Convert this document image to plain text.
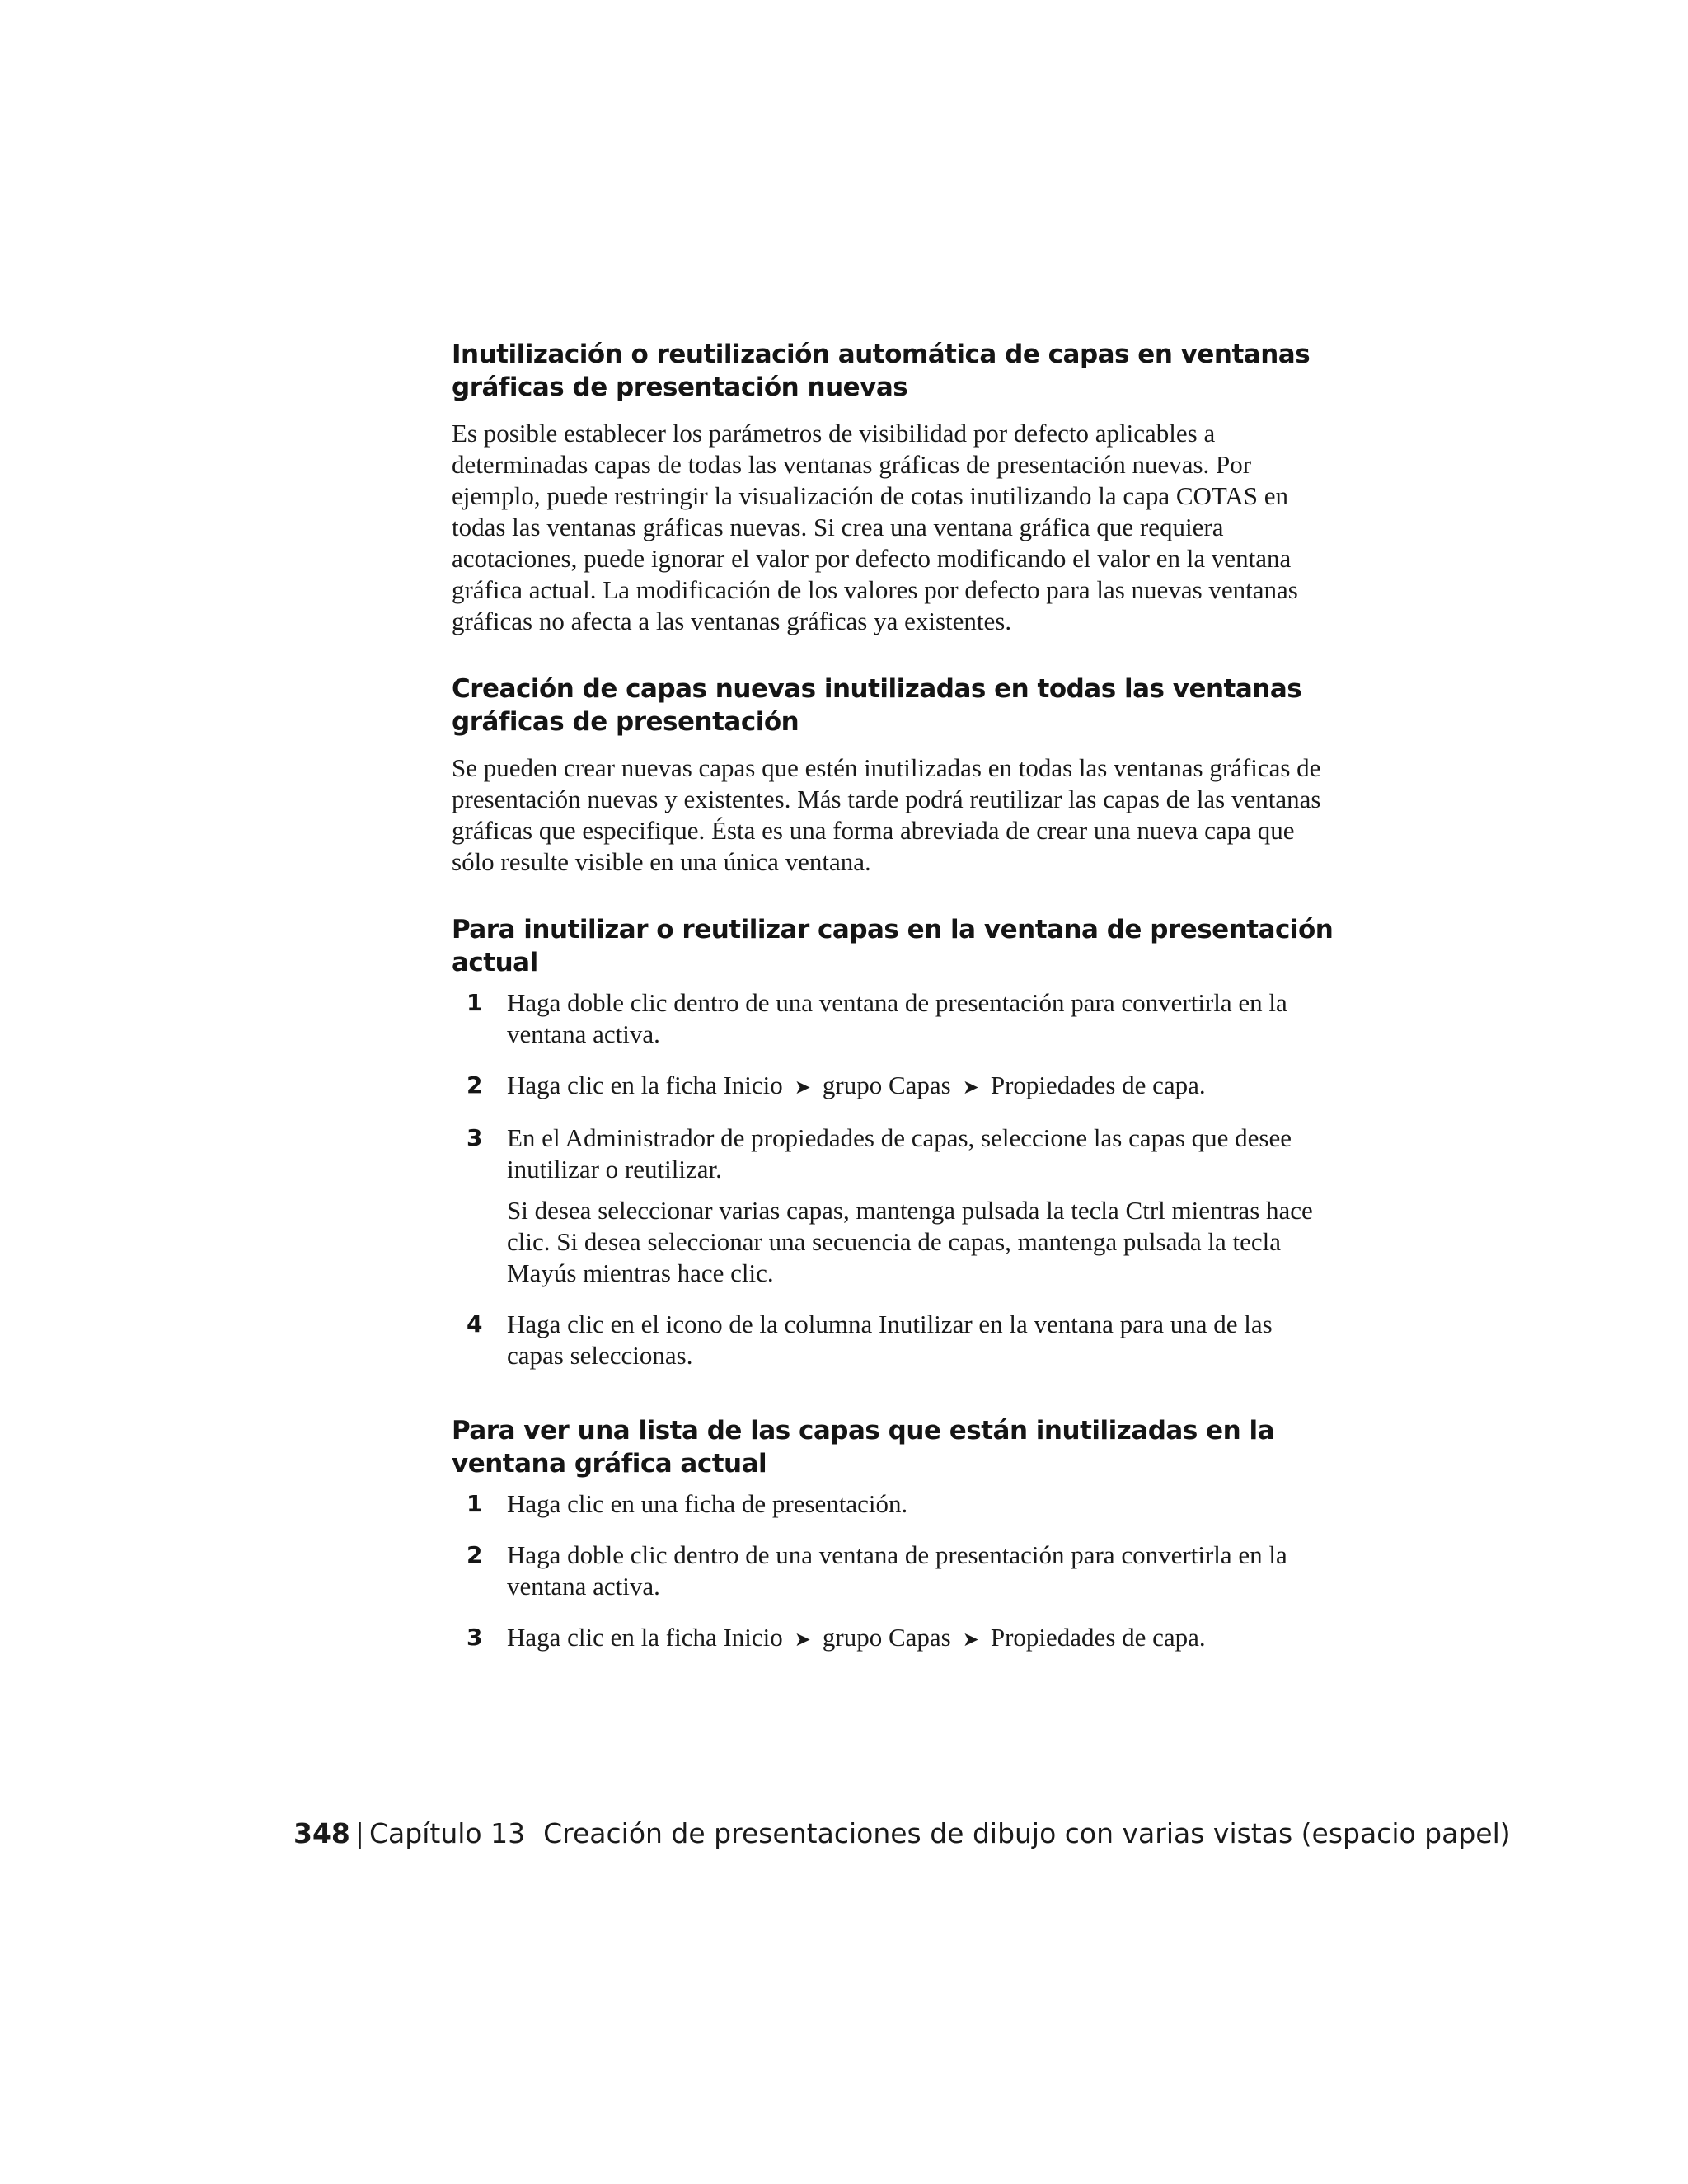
Inutilización o reutilización automática de capas en ventanas gráficas de presentación nuevas

Es posible establecer los parámetros de visibilidad por defecto aplicables a determinadas capas de todas las ventanas gráficas de presentación nuevas. Por ejemplo, puede restringir la visualización de cotas inutilizando la capa COTAS en todas las ventanas gráficas nuevas. Si crea una ventana gráfica que requiera acotaciones, puede ignorar el valor por defecto modificando el valor en la ventana gráfica actual. La modificación de los valores por defecto para las nuevas ventanas gráficas no afecta a las ventanas gráficas ya existentes.

Creación de capas nuevas inutilizadas en todas las ventanas gráficas de presentación

Se pueden crear nuevas capas que estén inutilizadas en todas las ventanas gráficas de presentación nuevas y existentes. Más tarde podrá reutilizar las capas de las ventanas gráficas que especifique. Ésta es una forma abreviada de crear una nueva capa que sólo resulte visible en una única ventana.

Para inutilizar o reutilizar capas en la ventana de presentación actual
1 Haga doble clic dentro de una ventana de presentación para convertirla en la ventana activa.

2 Haga clic en la ficha Inicio ➤ grupo Capas ➤ Propiedades de capa.

3 En el Administrador de propiedades de capas, seleccione las capas que desee inutilizar o reutilizar.

Si desea seleccionar varias capas, mantenga pulsada la tecla Ctrl mientras hace clic. Si desea seleccionar una secuencia de capas, mantenga pulsada la tecla Mayús mientras hace clic.

4 Haga clic en el icono de la columna Inutilizar en la ventana para una de las capas seleccionas.

Para ver una lista de las capas que están inutilizadas en la ventana gráfica actual
1 Haga clic en una ficha de presentación.

2 Haga doble clic dentro de una ventana de presentación para convertirla en la ventana activa.

3 Haga clic en la ficha Inicio ➤ grupo Capas ➤ Propiedades de capa.

348 | Capítulo 13 Creación de presentaciones de dibujo con varias vistas (espacio papel)
